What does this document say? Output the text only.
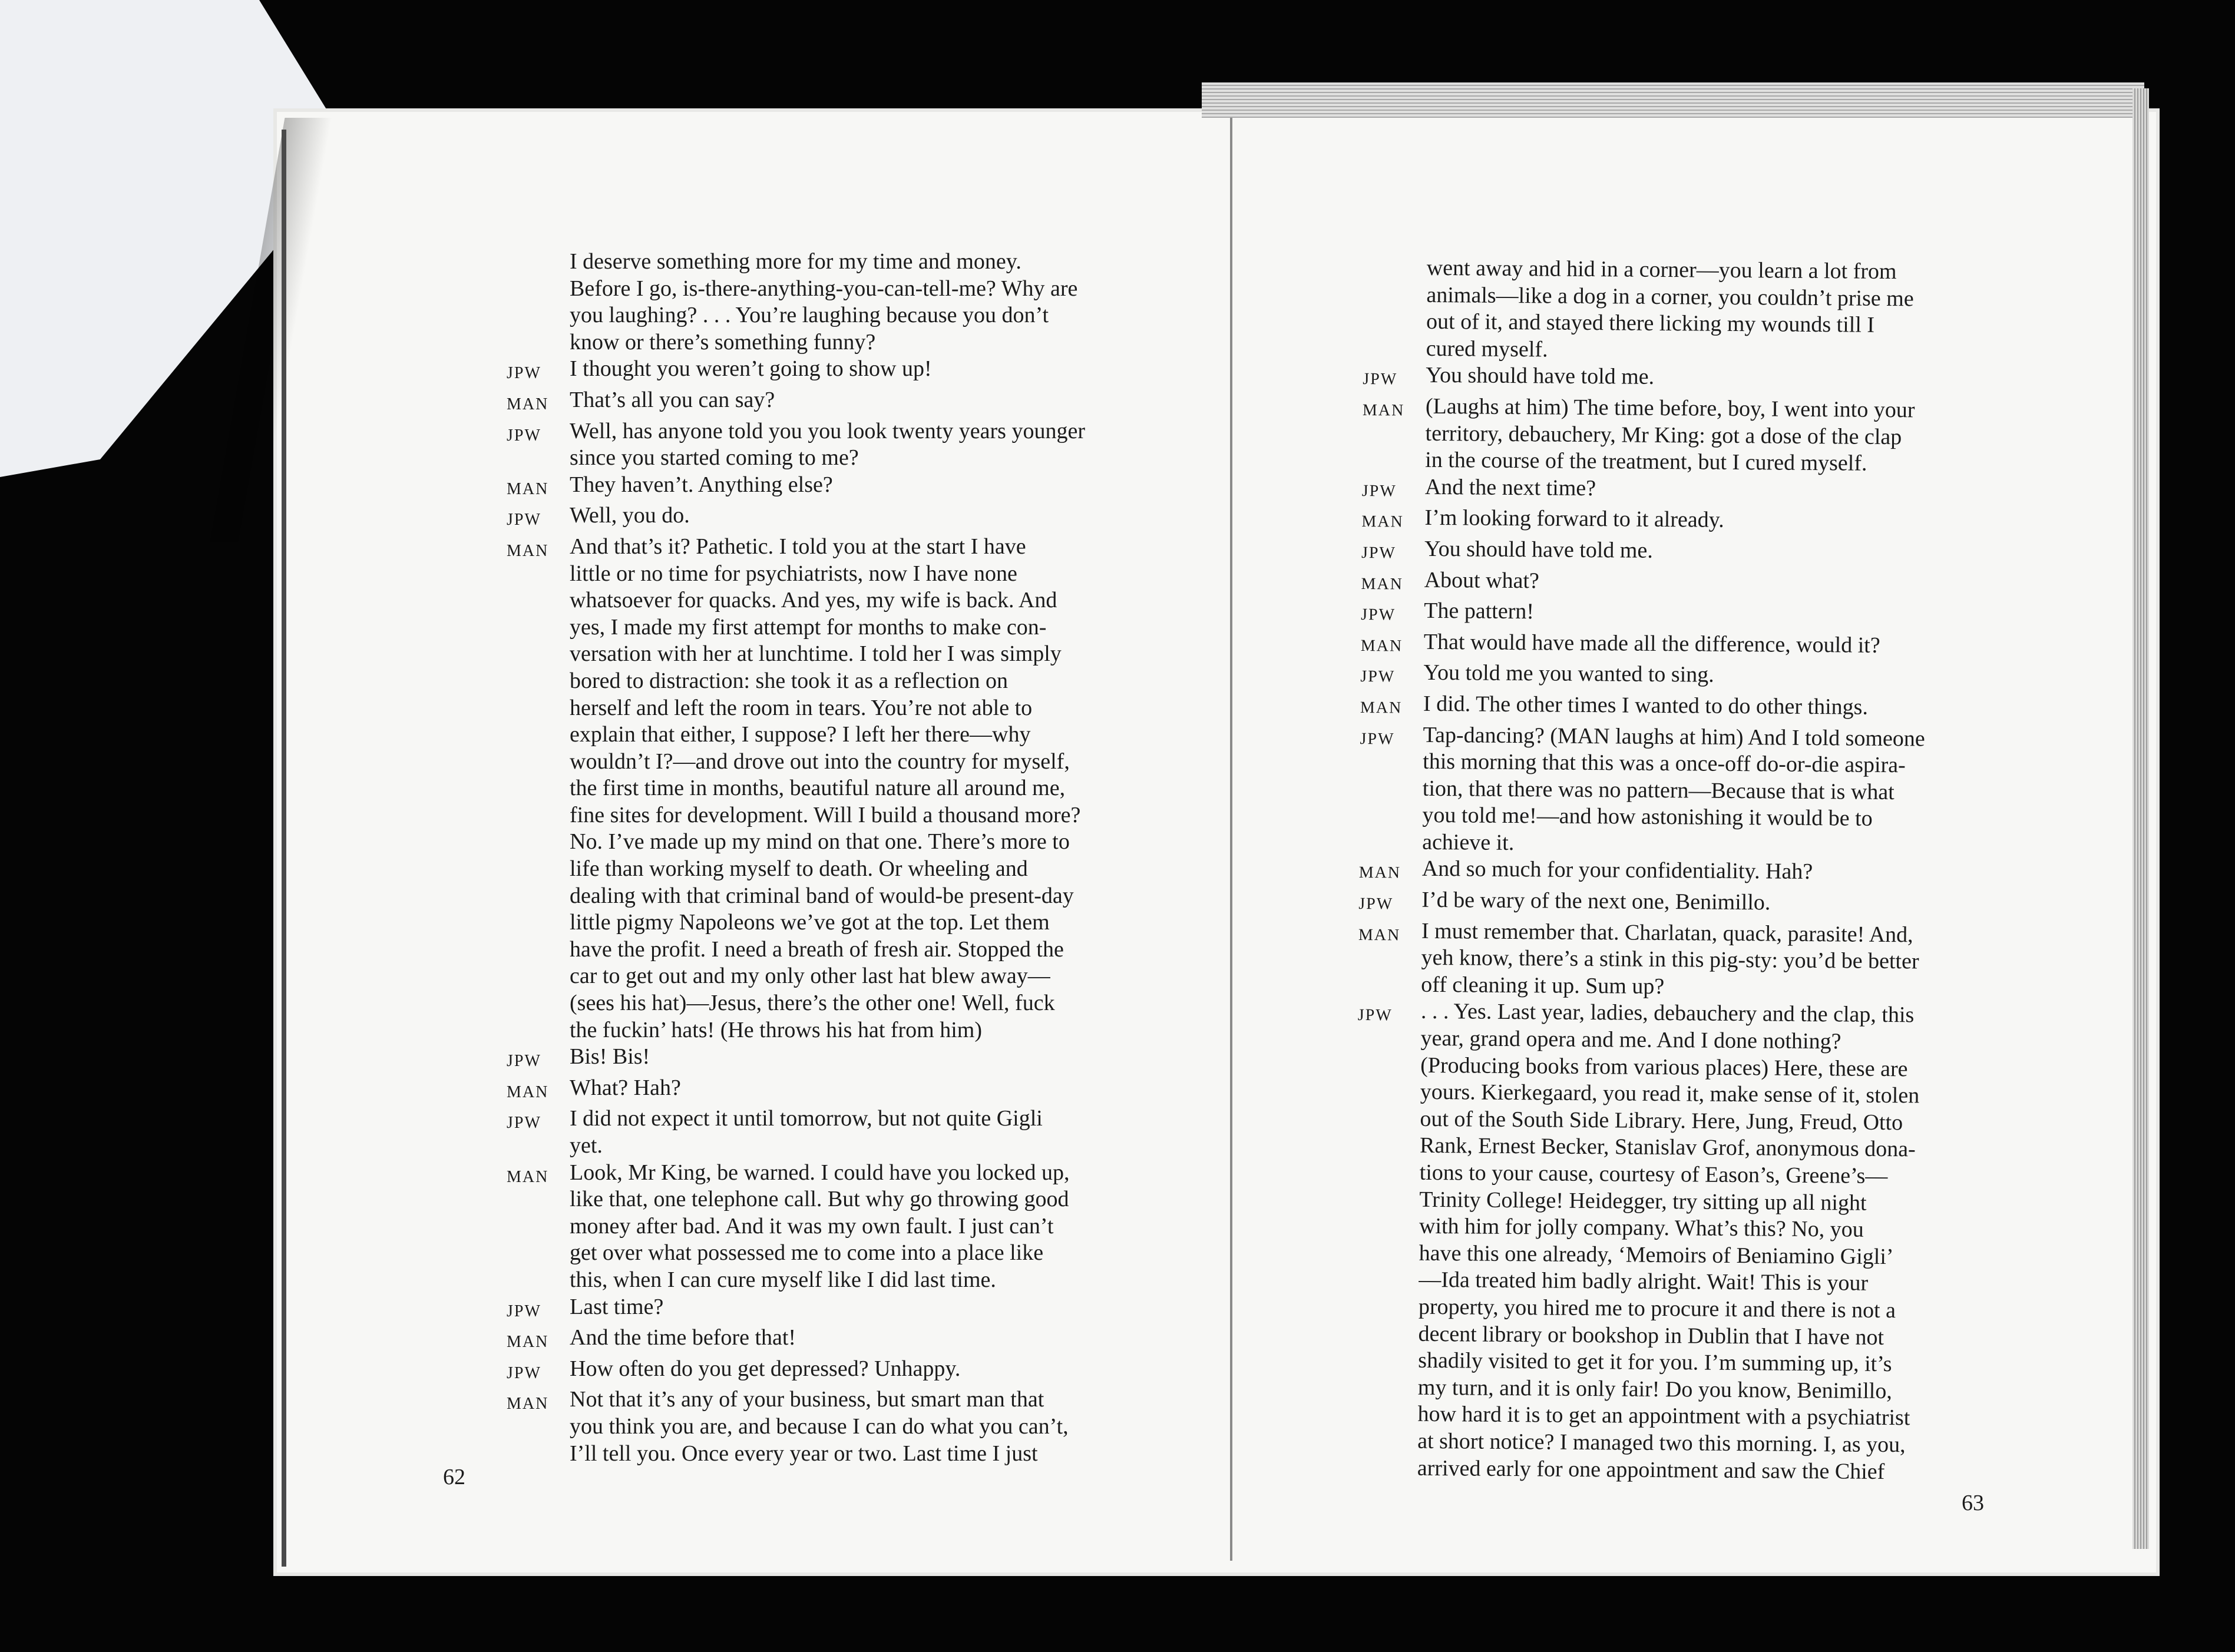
I deserve something more for my time and money.
Before I go, is-there-anything-you-can-tell-me? Why are
you laughing? . . . You’re laughing because you don’t
know or there’s something funny?
JPW	I thought you weren’t going to show up!
MAN That’s all you can say?
JPW	Well, has anyone told you you look twenty years younger
since you started coming to me?
MAN They haven’t. Anything else?
JPW	Well, you do.
MAN And that’s it? Pathetic. I told you at the start I have
little or no time for psychiatrists, now I have none
whatsoever for quacks. And yes, my wife is back. And
yes, I made my first attempt for months to make con-
versation with her at lunchtime. I told her I was simply
bored to distraction: she took it as a reflection on
herself and left the room in tears. You’re not able to
explain that either, I suppose? I left her there—why
wouldn’t I?—and drove out into the country for myself,
the first time in months, beautiful nature all around me,
fine sites for development. Will I build a thousand more?
No. I’ve made up my mind on that one. There’s more to
life than working myself to death. Or wheeling and
dealing with that criminal band of would-be present-day
little pigmy Napoleons we’ve got at the top. Let them
have the profit. I need a breath of fresh air. Stopped the
car to get out and my only other last hat blew away—
(sees his hat)—Jesus, there’s the other one! Well, fuck
the fuckin’ hats! (He throws his hat from him)
JPW	Bis! Bis!
MAN What? Hah?
JPW	I did not expect it until tomorrow, but not quite Gigli
yet.
MAN Look, Mr King, be warned. I could have you locked up,
like that, one telephone call. But why go throwing good
money after bad. And it was my own fault. I just can’t
get over what possessed me to come into a place like
this, when I can cure myself like I did last time.
JPW	Last time?
MAN And the time before that!
JPW	How often do you get depressed? Unhappy.
MAN Not that it’s any of your business, but smart man that
you think you are, and because I can do what you can’t,
I’ll tell you. Once every year or two. Last time I just
62
went away and hid in a corner—you learn a lot from
animals—like a dog in a corner, you couldn’t prise me
out of it, and stayed there licking my wounds till I
cured myself.
JPW	You should have told me.
MAN (Laughs at him) The time before, boy, I went into your
territory, debauchery, Mr King: got a dose of the clap
in the course of the treatment, but I cured myself.
JPW	And the next time?
MAN I’m looking forward to it already.
JPW	You should have told me.
MAN About what?
JPW	The pattern!
MAN That would have made all the difference, would it?
JPW	You told me you wanted to sing.
MAN I did. The other times I wanted to do other things.
JPW	Tap-dancing? (MAN laughs at him) And I told someone
this morning that this was a once-off do-or-die aspira-
tion, that there was no pattern—Because that is what
you told me!—and how astonishing it would be to
achieve it.
MAN And so much for your confidentiality. Hah?
JPW	I’d be wary of the next one, Benimillo.
MAN I must remember that. Charlatan, quack, parasite! And,
yeh know, there’s a stink in this pig-sty: you’d be better
off cleaning it up. Sum up?
JPW	. . . Yes. Last year, ladies, debauchery and the clap, this
year, grand opera and me. And I done nothing?
(Producing books from various places) Here, these are
yours. Kierkegaard, you read it, make sense of it, stolen
out of the South Side Library. Here, Jung, Freud, Otto
Rank, Ernest Becker, Stanislav Grof, anonymous dona-
tions to your cause, courtesy of Eason’s, Greene’s—
Trinity College! Heidegger, try sitting up all night
with him for jolly company. What’s this? No, you
have this one already, ‘Memoirs of Beniamino Gigli’
—Ida treated him badly alright. Wait! This is your
property, you hired me to procure it and there is not a
decent library or bookshop in Dublin that I have not
shadily visited to get it for you. I’m summing up, it’s
my turn, and it is only fair! Do you know, Benimillo,
how hard it is to get an appointment with a psychiatrist
at short notice? I managed two this morning. I, as you,
arrived early for one appointment and saw the Chief
63
